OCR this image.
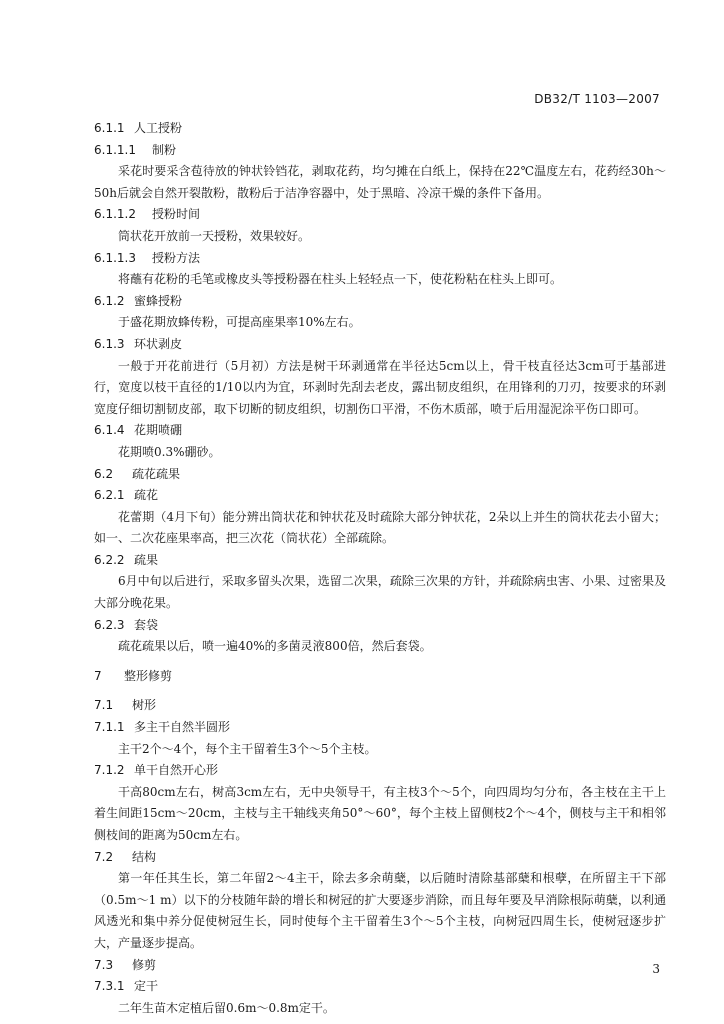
DB32/T 1103—2007
6.1.1 人工授粉
6.1.1.1 制粉

采花时要采含苞待放的钟状铃铛花，剥取花药，均匀摊在白纸上，保持在22℃温度左右，花药经30h～50h后就会自然开裂散粉，散粉后于洁净容器中，处于黑暗、冷凉干燥的条件下备用。

6.1.1.2 授粉时间

筒状花开放前一天授粉，效果较好。

6.1.1.3 授粉方法

将蘸有花粉的毛笔或橡皮头等授粉器在柱头上轻轻点一下，使花粉粘在柱头上即可。

6.1.2 蜜蜂授粉

于盛花期放蜂传粉，可提高座果率10%左右。

6.1.3 环状剥皮

一般于开花前进行（5月初）方法是树干环剥通常在半径达5cm以上，骨干枝直径达3cm可于基部进行，宽度以枝干直径的1/10以内为宜，环剥时先刮去老皮，露出韧皮组织，在用锋利的刀刃，按要求的环剥宽度仔细切割韧皮部，取下切断的韧皮组织，切割伤口平滑，不伤木质部，喷于后用湿泥涂平伤口即可。

6.1.4 花期喷硼

花期喷0.3%硼砂。

6.2 疏花疏果
6.2.1 疏花

花蕾期（4月下旬）能分辨出筒状花和钟状花及时疏除大部分钟状花，2朵以上并生的筒状花去小留大；如一、二次花座果率高，把三次花（筒状花）全部疏除。

6.2.2 疏果

6月中旬以后进行，采取多留头次果，选留二次果，疏除三次果的方针，并疏除病虫害、小果、过密果及大部分晚花果。

6.2.3 套袋

疏花疏果以后，喷一遍40%的多菌灵液800倍，然后套袋。

7 整形修剪
7.1 树形
7.1.1 多主干自然半圆形

主干2个～4个，每个主干留着生3个～5个主枝。

7.1.2 单干自然开心形

干高80cm左右，树高3cm左右，无中央领导干，有主枝3个～5个，向四周均匀分布，各主枝在主干上着生间距15cm～20cm，主枝与主干轴线夹角50°～60°，每个主枝上留侧枝2个～4个，侧枝与主干和相邻侧枝间的距离为50cm左右。

7.2 结构

第一年任其生长，第二年留2～4主干，除去多余萌蘖，以后随时清除基部蘖和根孽，在所留主干下部（0.5m～1 m）以下的分枝随年龄的增长和树冠的扩大要逐步消除，而且每年要及早消除根际萌蘖，以利通风透光和集中养分促使树冠生长，同时使每个主干留着生3个～5个主枝，向树冠四周生长，使树冠逐步扩大，产量逐步提高。

7.3 修剪
7.3.1 定干

二年生苗木定植后留0.6m～0.8m定干。

3
